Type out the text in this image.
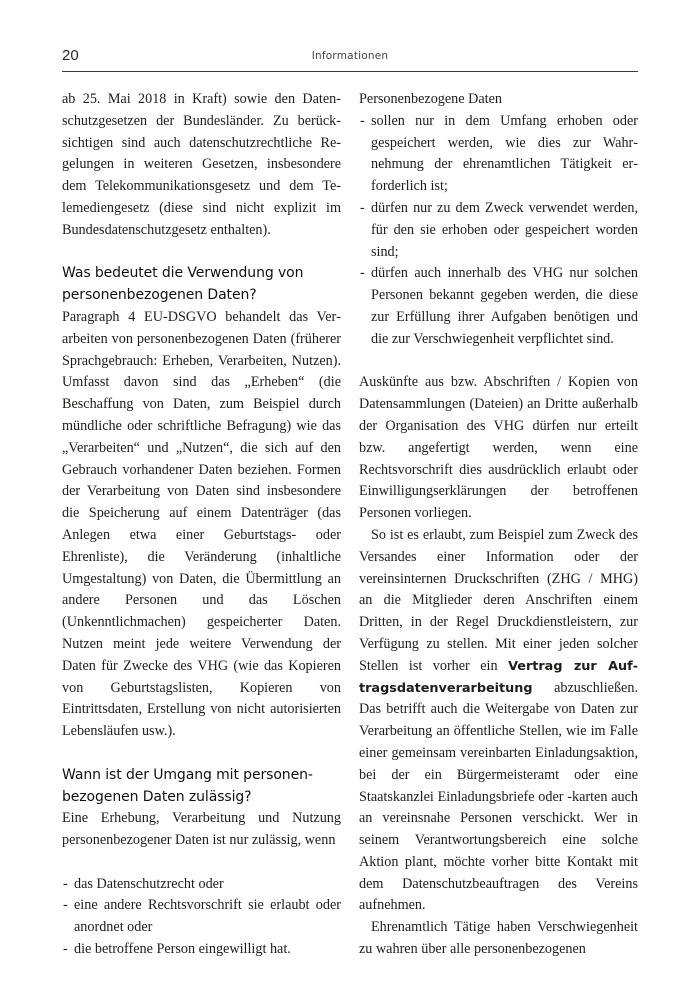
20	Informationen

ab 25. Mai 2018 in Kraft) sowie den Datenschutzgesetzen der Bundesländer. Zu berücksichtigen sind auch datenschutzrechtliche Regelungen in weiteren Gesetzen, insbesondere dem Telekommunikationsgesetz und dem Telemediengesetz (diese sind nicht explizit im Bundesdatenschutzgesetz enthalten).

Was bedeutet die Verwendung von personenbezogenen Daten?

Paragraph 4 EU-DSGVO behandelt das Verarbeiten von personenbezogenen Daten (früherer Sprachgebrauch: Erheben, Verarbeiten, Nutzen). Umfasst davon sind das „Erheben“ (die Beschaffung von Daten, zum Beispiel durch mündliche oder schriftliche Befragung) wie das „Verarbeiten“ und „Nutzen“, die sich auf den Gebrauch vorhandener Daten beziehen. Formen der Verarbeitung von Daten sind insbesondere die Speicherung auf einem Datenträger (das Anlegen etwa einer Geburtstags- oder Ehrenliste), die Veränderung (inhaltliche Umgestaltung) von Daten, die Übermittlung an andere Personen und das Löschen (Unkenntlichmachen) gespeicherter Daten. Nutzen meint jede weitere Verwendung der Daten für Zwecke des VHG (wie das Kopieren von Geburtstagslisten, Kopieren von Eintrittsdaten, Erstellung von nicht autorisierten Lebensläufen usw.).

Wann ist der Umgang mit personenbezogenen Daten zulässig?

Eine Erhebung, Verarbeitung und Nutzung personenbezogener Daten ist nur zulässig, wenn

- das Datenschutzrecht oder
- eine andere Rechtsvorschrift sie erlaubt oder anordnet oder
- die betroffene Person eingewilligt hat.

Personenbezogene Daten

- sollen nur in dem Umfang erhoben oder gespeichert werden, wie dies zur Wahrnehmung der ehrenamtlichen Tätigkeit erforderlich ist;
- dürfen nur zu dem Zweck verwendet werden, für den sie erhoben oder gespeichert worden sind;
- dürfen auch innerhalb des VHG nur solchen Personen bekannt gegeben werden, die diese zur Erfüllung ihrer Aufgaben benötigen und die zur Verschwiegenheit verpflichtet sind.

Auskünfte aus bzw. Abschriften / Kopien von Datensammlungen (Dateien) an Dritte außerhalb der Organisation des VHG dürfen nur erteilt bzw. angefertigt werden, wenn eine Rechtsvorschrift dies ausdrücklich erlaubt oder Einwilligungserklärungen der betroffenen Personen vorliegen.

So ist es erlaubt, zum Beispiel zum Zweck des Versandes einer Information oder der vereinsinternen Druckschriften (ZHG / MHG) an die Mitglieder deren Anschriften einem Dritten, in der Regel Druckdienstleistern, zur Verfügung zu stellen. Mit einer jeden solcher Stellen ist vorher ein Vertrag zur Auftragsdatenverarbeitung abzuschließen. Das betrifft auch die Weitergabe von Daten zur Verarbeitung an öffentliche Stellen, wie im Falle einer gemeinsam vereinbarten Einladungsaktion, bei der ein Bürgermeisteramt oder eine Staatskanzlei Einladungsbriefe oder -karten auch an vereinsnahe Personen verschickt. Wer in seinem Verantwortungsbereich eine solche Aktion plant, möchte vorher bitte Kontakt mit dem Datenschutzbeauftragen des Vereins aufnehmen.

Ehrenamtlich Tätige haben Verschwiegenheit zu wahren über alle personenbezogenen
